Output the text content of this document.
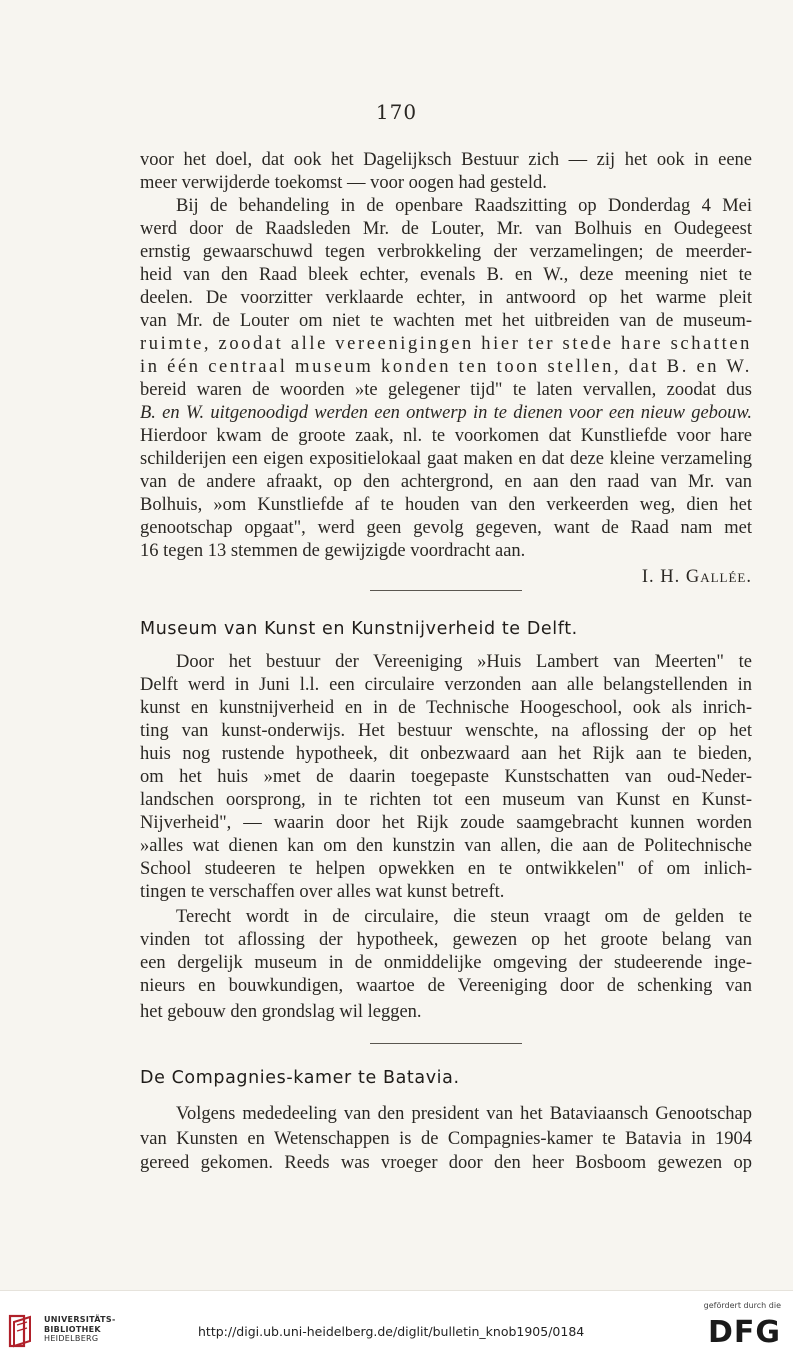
170
voor het doel, dat ook het Dagelijksch Bestuur zich — zij het ook in eene
meer verwijderde toekomst — voor oogen had gesteld.
Bij de behandeling in de openbare Raadszitting op Donderdag 4 Mei
werd door de Raadsleden Mr. de Louter, Mr. van Bolhuis en Oudegeest
ernstig gewaarschuwd tegen verbrokkeling der verzamelingen; de meerder-
heid van den Raad bleek echter, evenals B. en W., deze meening niet te
deelen. De voorzitter verklaarde echter, in antwoord op het warme pleit
van Mr. de Louter om niet te wachten met het uitbreiden van de museum-
ruimte, zoodat alle vereenigingen hier ter stede hare schatten
in één centraal museum konden ten toon stellen, dat B. en W.
bereid waren de woorden »te gelegener tijd" te laten vervallen, zoodat dus
B. en W. uitgenoodigd werden een ontwerp in te dienen voor een nieuw gebouw.
Hierdoor kwam de groote zaak, nl. te voorkomen dat Kunstliefde voor hare
schilderijen een eigen expositielokaal gaat maken en dat deze kleine verzameling
van de andere afraakt, op den achtergrond, en aan den raad van Mr. van
Bolhuis, »om Kunstliefde af te houden van den verkeerden weg, dien het
genootschap opgaat", werd geen gevolg gegeven, want de Raad nam met
16 tegen 13 stemmen de gewijzigde voordracht aan.
I. H. Gallée.
Museum van Kunst en Kunstnijverheid te Delft.
Door het bestuur der Vereeniging »Huis Lambert van Meerten" te
Delft werd in Juni l.l. een circulaire verzonden aan alle belangstellenden in
kunst en kunstnijverheid en in de Technische Hoogeschool, ook als inrich-
ting van kunst-onderwijs. Het bestuur wenschte, na aflossing der op het
huis nog rustende hypotheek, dit onbezwaard aan het Rijk aan te bieden,
om het huis »met de daarin toegepaste Kunstschatten van oud-Neder-
landschen oorsprong, in te richten tot een museum van Kunst en Kunst-
Nijverheid", — waarin door het Rijk zoude saamgebracht kunnen worden
»alles wat dienen kan om den kunstzin van allen, die aan de Politechnische
School studeeren te helpen opwekken en te ontwikkelen" of om inlich-
tingen te verschaffen over alles wat kunst betreft.
Terecht wordt in de circulaire, die steun vraagt om de gelden te
vinden tot aflossing der hypotheek, gewezen op het groote belang van
een dergelijk museum in de onmiddelijke omgeving der studeerende inge-
nieurs en bouwkundigen, waartoe de Vereeniging door de schenking van
het gebouw den grondslag wil leggen.
De Compagnies-kamer te Batavia.
Volgens mededeeling van den president van het Bataviaansch Genootschap
van Kunsten en Wetenschappen is de Compagnies-kamer te Batavia in 1904
gereed gekomen. Reeds was vroeger door den heer Bosboom gewezen op
UNIVERSITÄTS-
BIBLIOTHEK
HEIDELBERG	http://digi.ub.uni-heidelberg.de/diglit/bulletin_knob1905/0184
gefördert durch die
DFG
